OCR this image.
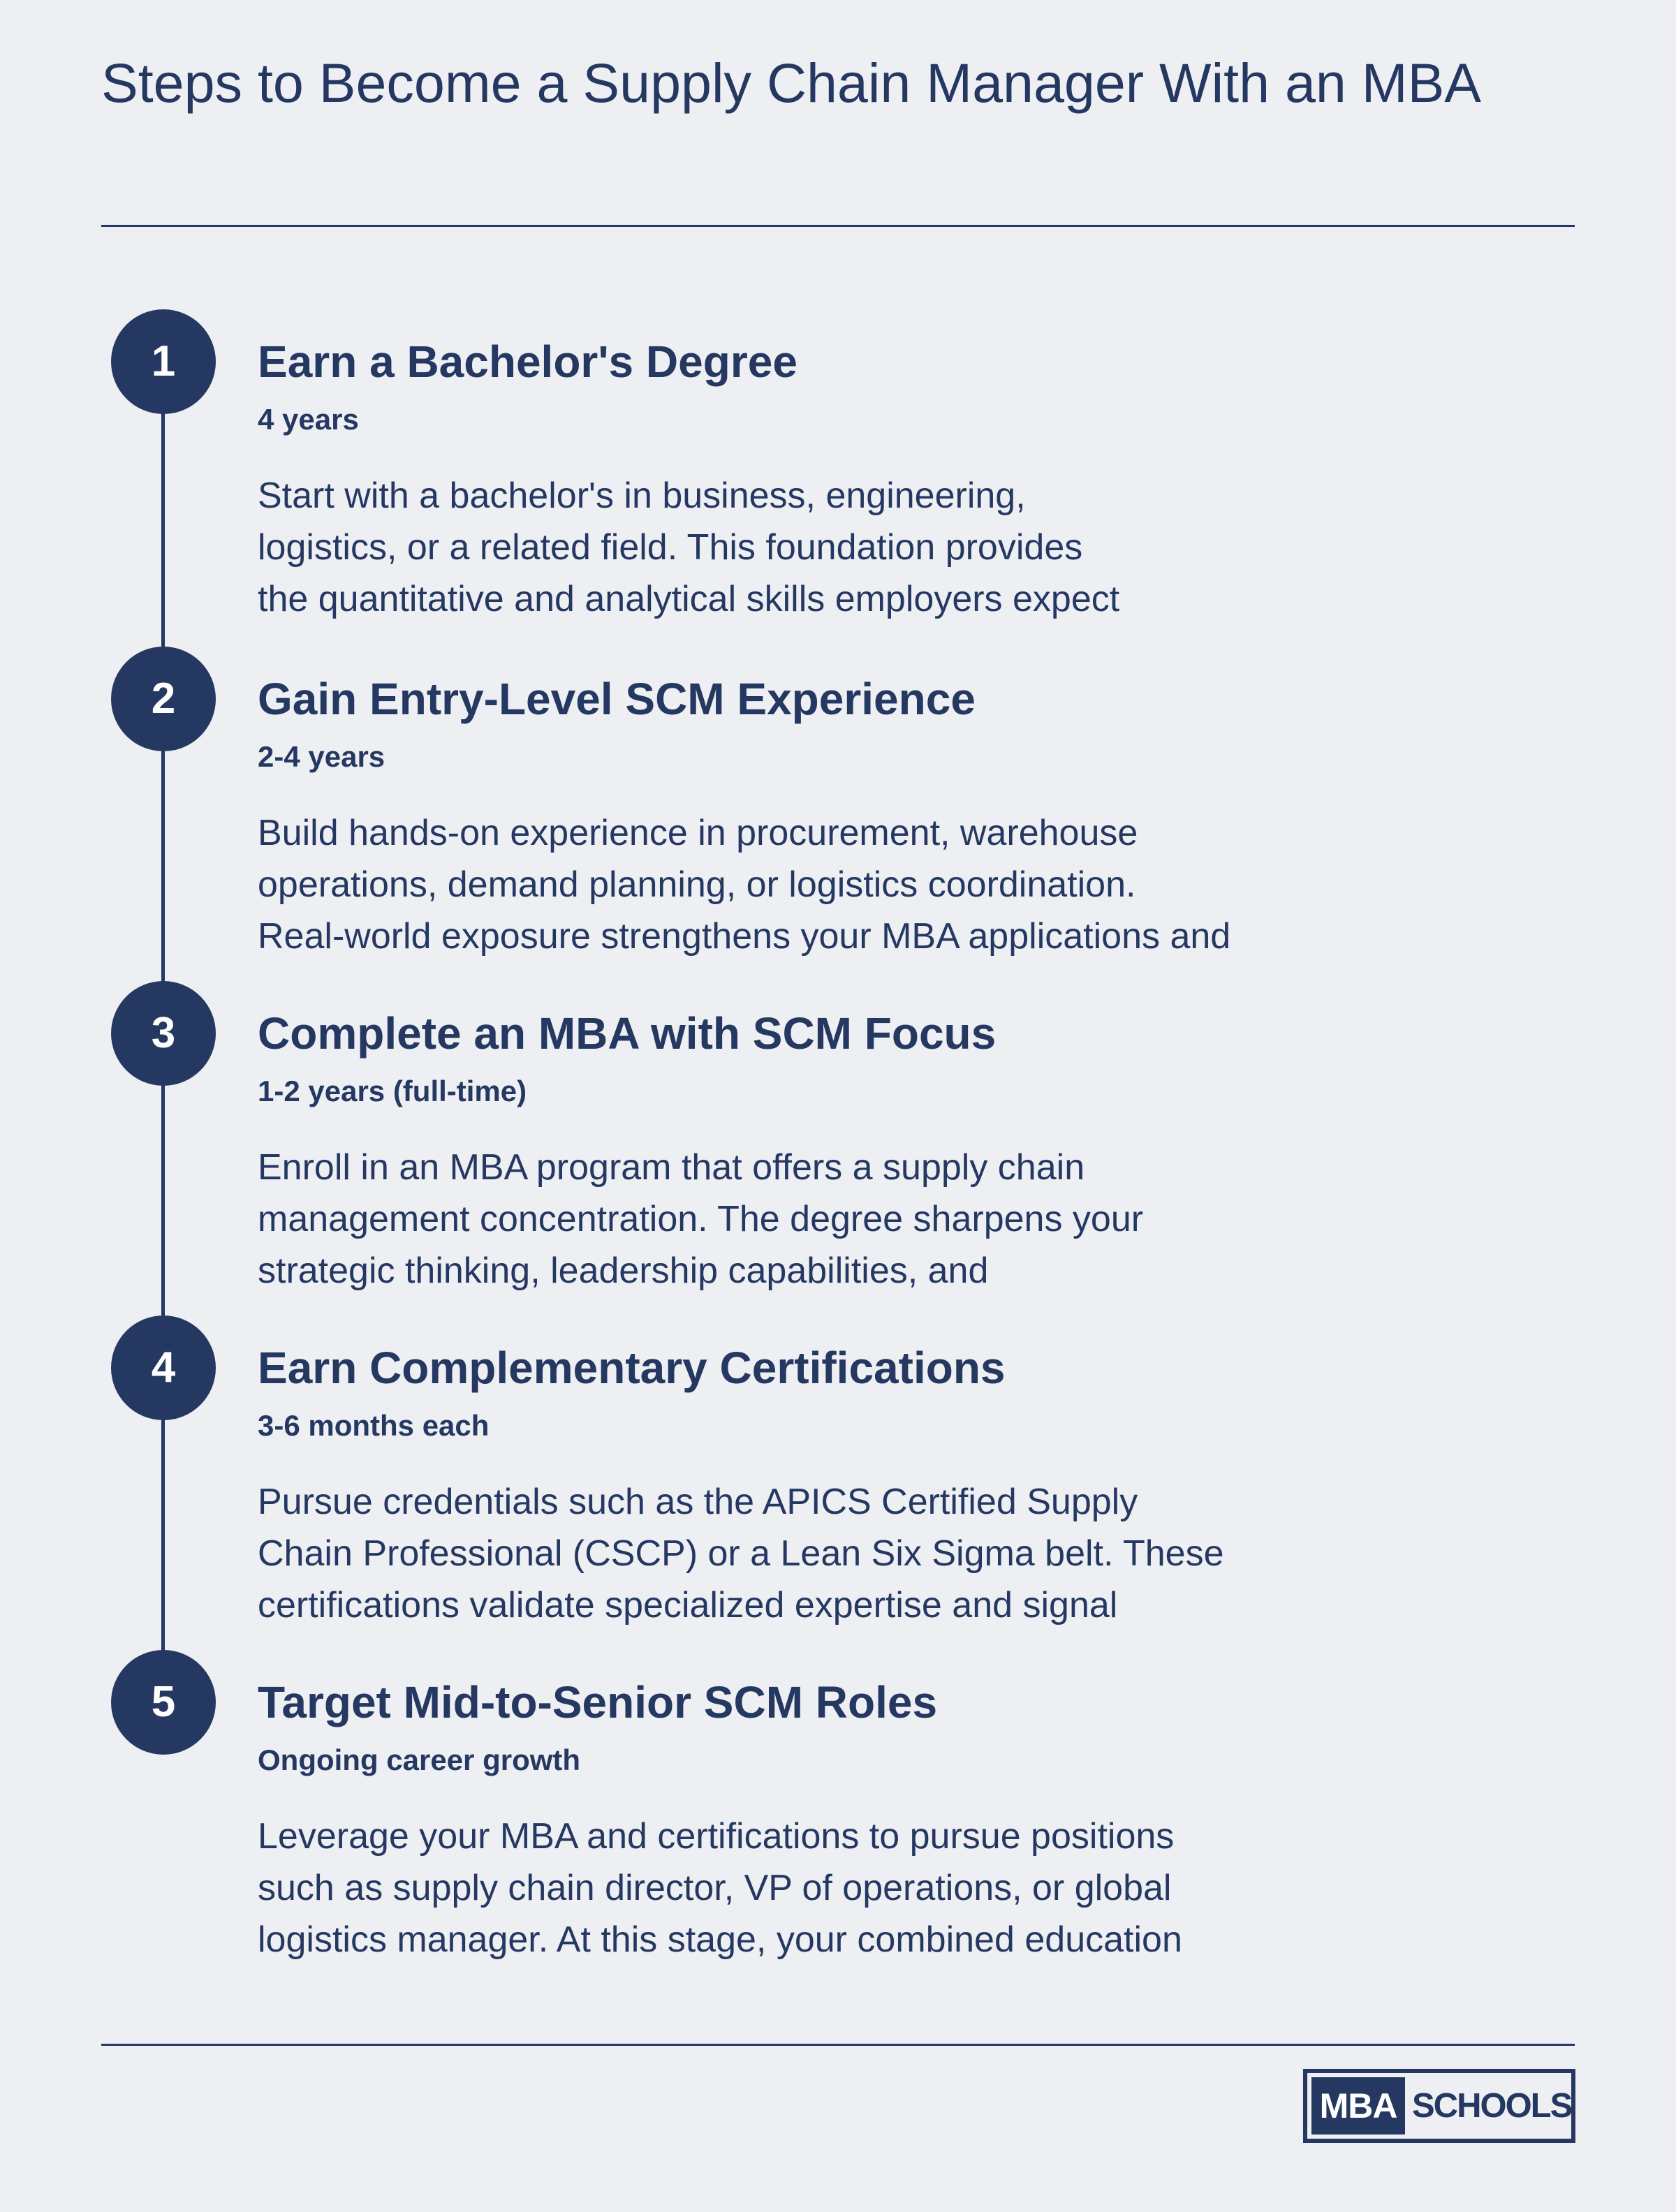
Steps to Become a Supply Chain Manager With an MBA
1	Earn a Bachelor's Degree
4 years

Start with a bachelor's in business, engineering,
logistics, or a related field. This foundation provides
the quantitative and analytical skills employers expect

2	Gain Entry-Level SCM Experience
2-4 years

Build hands-on experience in procurement, warehouse
operations, demand planning, or logistics coordination.
Real-world exposure strengthens your MBA applications and

3	Complete an MBA with SCM Focus
1-2 years (full-time)

Enroll in an MBA program that offers a supply chain
management concentration. The degree sharpens your
strategic thinking, leadership capabilities, and

4	Earn Complementary Certifications
3-6 months each

Pursue credentials such as the APICS Certified Supply
Chain Professional (CSCP) or a Lean Six Sigma belt. These
certifications validate specialized expertise and signal

5	Target Mid-to-Senior SCM Roles
Ongoing career growth

Leverage your MBA and certifications to pursue positions
such as supply chain director, VP of operations, or global
logistics manager. At this stage, your combined education

MBA SCHOOLS
